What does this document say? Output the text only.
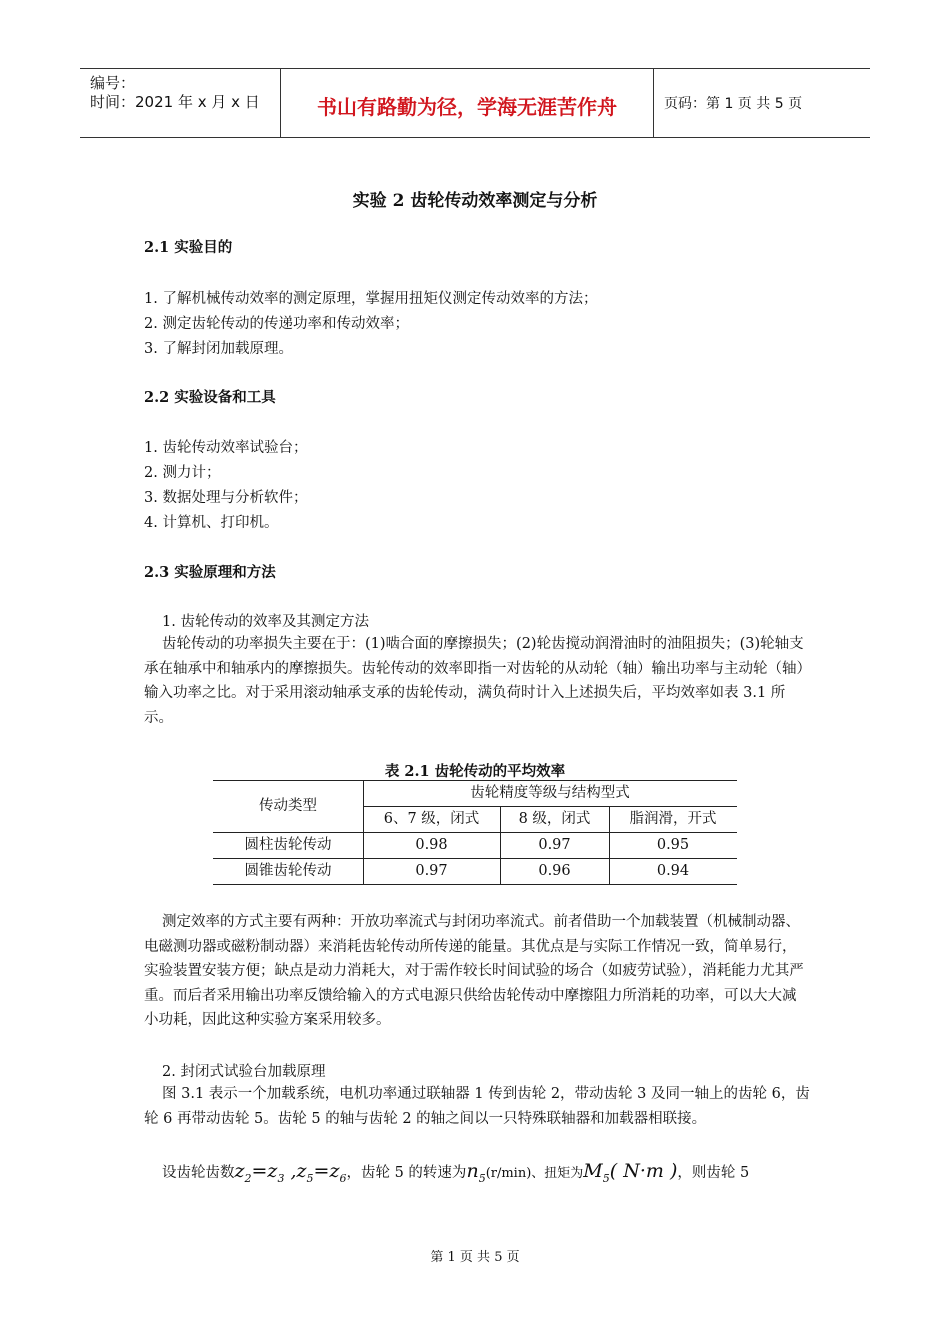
编号：
时间：2021 年 x 月 x 日	书山有路勤为径，学海无涯苦作舟	页码：第 1 页 共 5 页
实验 2 齿轮传动效率测定与分析
2.1 实验目的
1. 了解机械传动效率的测定原理，掌握用扭矩仪测定传动效率的方法；
2. 测定齿轮传动的传递功率和传动效率；
3. 了解封闭加载原理。
2.2 实验设备和工具
1. 齿轮传动效率试验台；
2. 测力计；
3. 数据处理与分析软件；
4. 计算机、打印机。
2.3 实验原理和方法
1. 齿轮传动的效率及其测定方法
齿轮传动的功率损失主要在于：(1)啮合面的摩擦损失；(2)轮齿搅动润滑油时的油阻损失；(3)轮轴支承在轴承中和轴承内的摩擦损失。齿轮传动的效率即指一对齿轮的从动轮（轴）输出功率与主动轮（轴）输入功率之比。对于采用滚动轴承支承的齿轮传动，满负荷时计入上述损失后，平均效率如表 3.1 所示。
表 2.1 齿轮传动的平均效率
传动类型
齿轮精度等级与结构型式
6、7 级，闭式	8 级，闭式	脂润滑，开式
圆柱齿轮传动	0.98	0.97	0.95
圆锥齿轮传动	0.97	0.96	0.94
测定效率的方式主要有两种：开放功率流式与封闭功率流式。前者借助一个加载装置（机械制动器、电磁测功器或磁粉制动器）来消耗齿轮传动所传递的能量。其优点是与实际工作情况一致，简单易行，实验装置安装方便；缺点是动力消耗大，对于需作较长时间试验的场合（如疲劳试验），消耗能力尤其严重。而后者采用输出功率反馈给输入的方式电源只供给齿轮传动中摩擦阻力所消耗的功率，可以大大减小功耗，因此这种实验方案采用较多。
2. 封闭式试验台加载原理
图 3.1 表示一个加载系统，电机功率通过联轴器 1 传到齿轮 2，带动齿轮 3 及同一轴上的齿轮 6，齿轮 6 再带动齿轮 5。齿轮 5 的轴与齿轮 2 的轴之间以一只特殊联轴器和加载器相联接。
设齿轮齿数$z_2=z_3$ $,z_5=z_6$，齿轮 5 的转速为$n_5(r/\min)$、扭矩为$M_5$( N·m )，则齿轮 5
第 1 页 共 5 页
